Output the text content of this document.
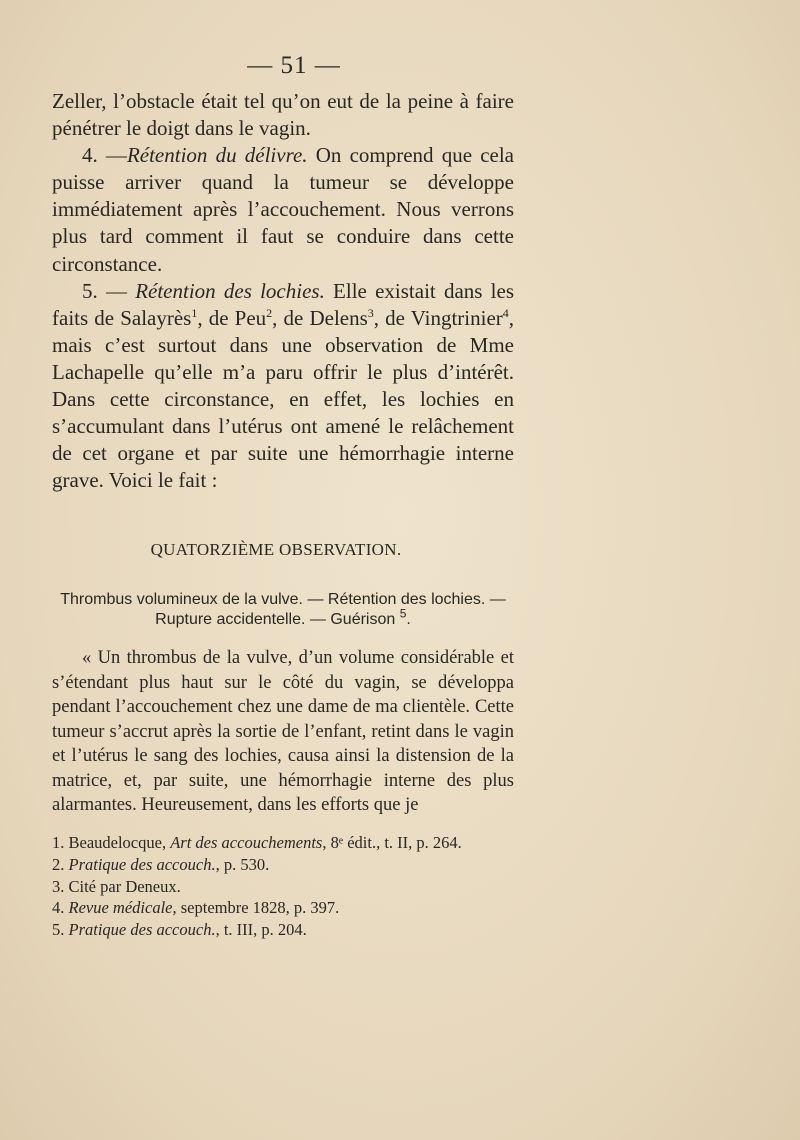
— 51 —

Zeller, l’obstacle était tel qu’on eut de la peine à faire pénétrer le doigt dans le vagin.

4. —Rétention du délivre. On comprend que cela puisse arriver quand la tumeur se développe immédiatement après l’accouchement. Nous verrons plus tard comment il faut se conduire dans cette circonstance.

5. — Rétention des lochies. Elle existait dans les faits de Salayrès$^1$, de Peu$^2$, de Delens$^3$, de Vingtrinier$^4$, mais c’est surtout dans une observation de Mme Lachapelle qu’elle m’a paru offrir le plus d’intérêt. Dans cette circonstance, en effet, les lochies en s’accumulant dans l’utérus ont amené le relâchement de cet organe et par suite une hémorrhagie interne grave. Voici le fait :

QUATORZIÈME OBSERVATION.
Thrombus volumineux de la vulve. — Rétention des lochies. — Rupture accidentelle. — Guérison $^5$.

« Un thrombus de la vulve, d’un volume considérable et s’étendant plus haut sur le côté du vagin, se développa pendant l’accouchement chez une dame de ma clientèle. Cette tumeur s’accrut après la sortie de l’enfant, retint dans le vagin et l’utérus le sang des lochies, causa ainsi la distension de la matrice, et, par suite, une hémorrhagie interne des plus alarmantes. Heureusement, dans les efforts que je

1. Beaudelocque, Art des accouchements, 8ᵉ édit., t. II, p. 264.
2. Pratique des accouch., p. 530.
3. Cité par Deneux.
4. Revue médicale, septembre 1828, p. 397.
5. Pratique des accouch., t. III, p. 204.
